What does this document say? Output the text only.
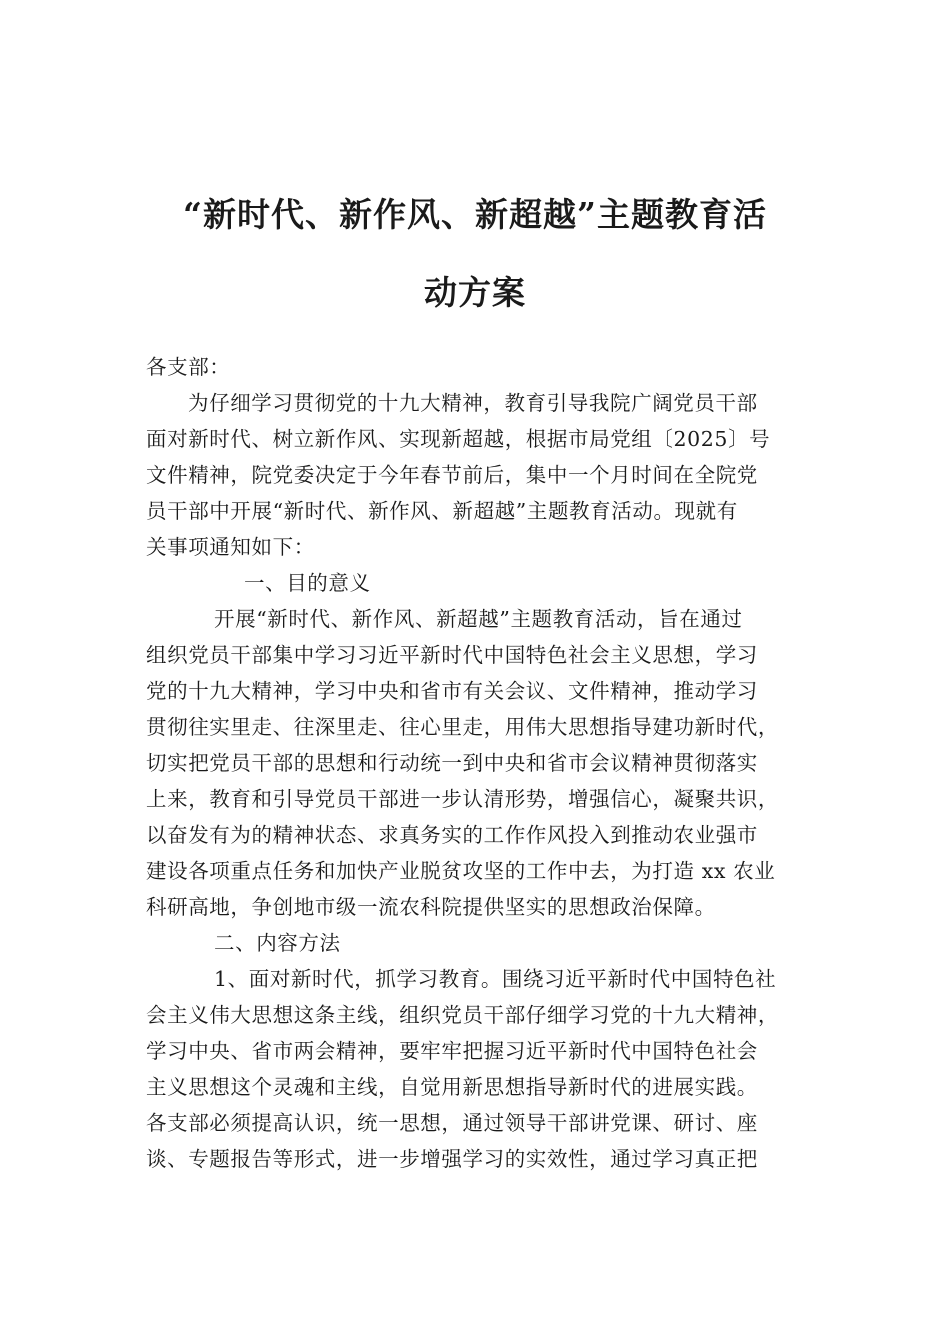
“新时代、新作风、新超越”主题教育活
动方案
各支部：
为仔细学习贯彻党的十九大精神，教育引导我院广阔党员干部
面对新时代、树立新作风、实现新超越，根据市局党组〔2025〕号
文件精神，院党委决定于今年春节前后，集中一个月时间在全院党
员干部中开展“新时代、新作风、新超越”主题教育活动。现就有
关事项通知如下：
一、目的意义
开展“新时代、新作风、新超越”主题教育活动，旨在通过
组织党员干部集中学习习近平新时代中国特色社会主义思想，学习
党的十九大精神，学习中央和省市有关会议、文件精神，推动学习
贯彻往实里走、往深里走、往心里走，用伟大思想指导建功新时代，
切实把党员干部的思想和行动统一到中央和省市会议精神贯彻落实
上来，教育和引导党员干部进一步认清形势，增强信心，凝聚共识，
以奋发有为的精神状态、求真务实的工作作风投入到推动农业强市
建设各项重点任务和加快产业脱贫攻坚的工作中去，为打造 xx 农业
科研高地，争创地市级一流农科院提供坚实的思想政治保障。
二、内容方法
1、面对新时代，抓学习教育。围绕习近平新时代中国特色社
会主义伟大思想这条主线，组织党员干部仔细学习党的十九大精神，
学习中央、省市两会精神，要牢牢把握习近平新时代中国特色社会
主义思想这个灵魂和主线，自觉用新思想指导新时代的进展实践。
各支部必须提高认识，统一思想，通过领导干部讲党课、研讨、座
谈、专题报告等形式，进一步增强学习的实效性，通过学习真正把
